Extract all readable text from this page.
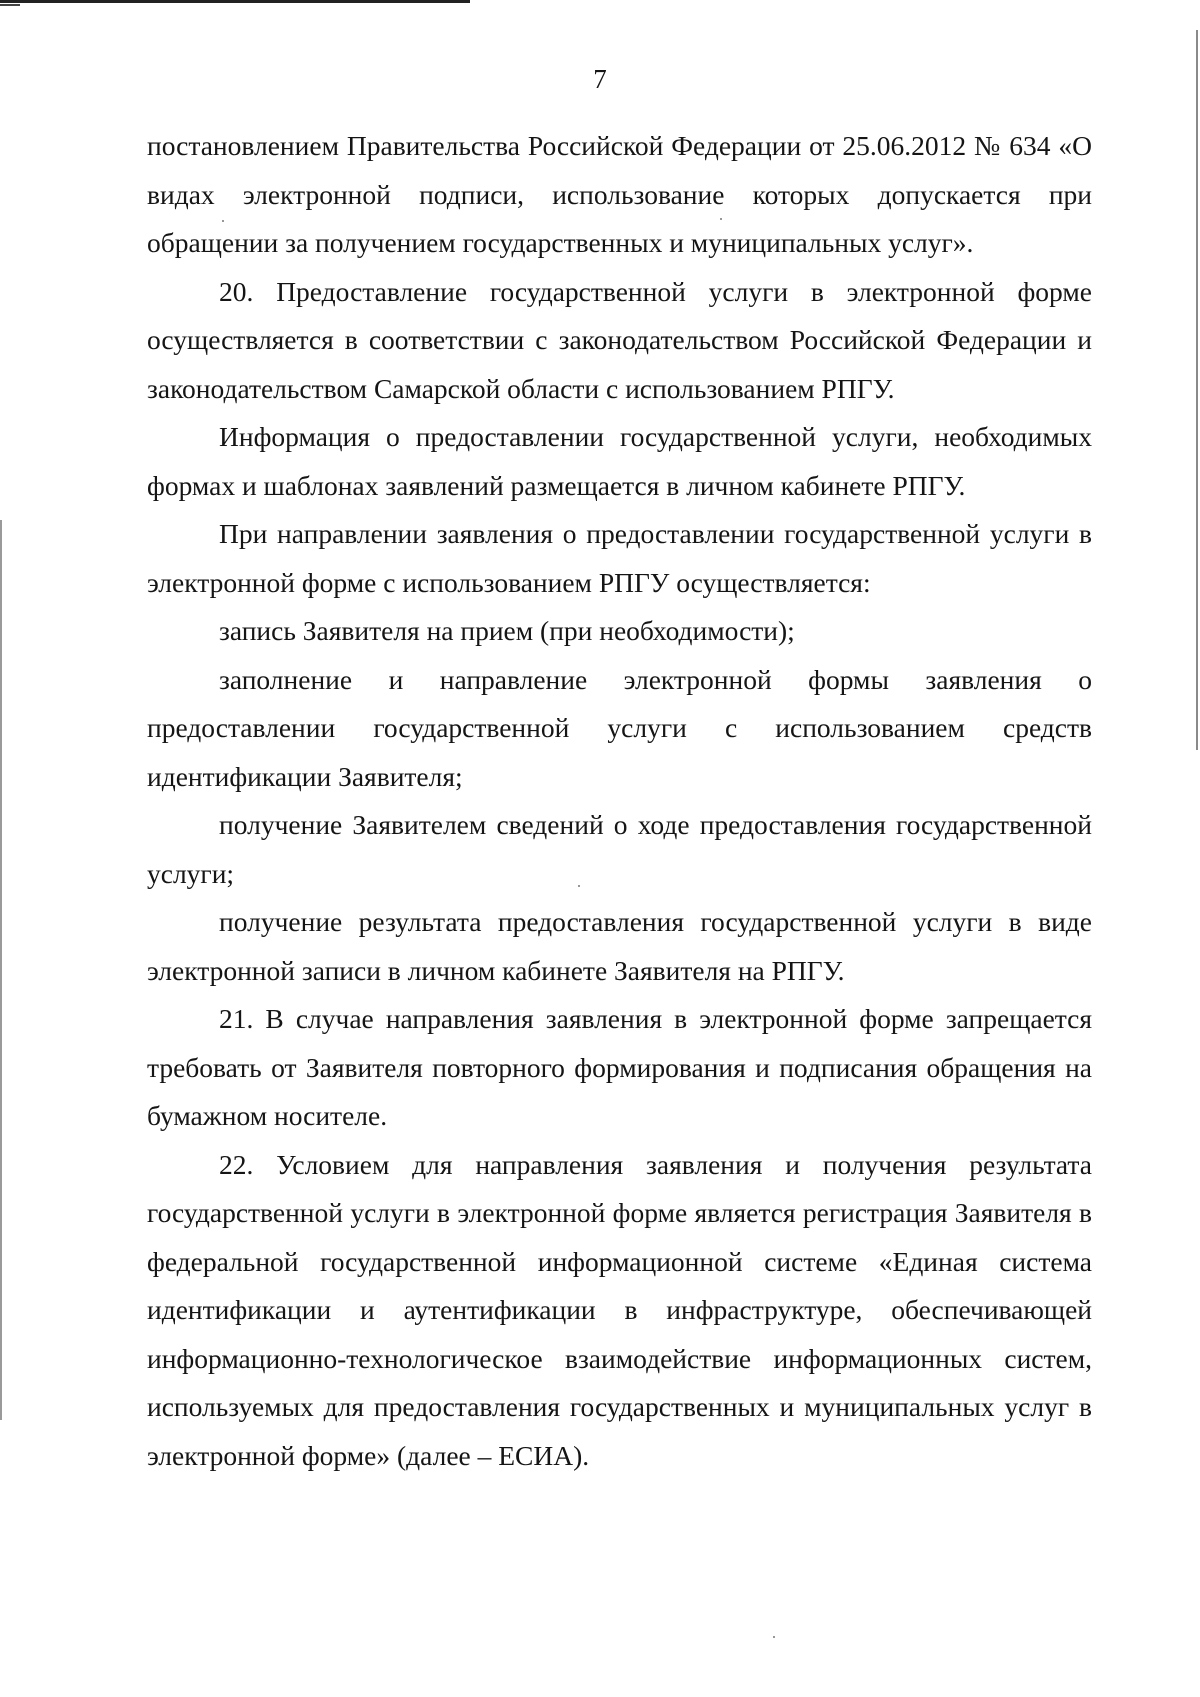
7

постановлением Правительства Российской Федерации от 25.06.2012 № 634 «О видах электронной подписи, использование которых допускается при обращении за получением государственных и муниципальных услуг».

20. Предоставление государственной услуги в электронной форме осуществляется в соответствии с законодательством Российской Федерации и законодательством Самарской области с использованием РПГУ.

Информация о предоставлении государственной услуги, необходимых формах и шаблонах заявлений размещается в личном кабинете РПГУ.

При направлении заявления о предоставлении государственной услуги в электронной форме с использованием РПГУ осуществляется:

запись Заявителя на прием (при необходимости);

заполнение и направление электронной формы заявления о предоставлении государственной услуги с использованием средств идентификации Заявителя;

получение Заявителем сведений о ходе предоставления государственной услуги;

получение результата предоставления государственной услуги в виде электронной записи в личном кабинете Заявителя на РПГУ.

21. В случае направления заявления в электронной форме запрещается требовать от Заявителя повторного формирования и подписания обращения на бумажном носителе.

22. Условием для направления заявления и получения результата государственной услуги в электронной форме является регистрация Заявителя в федеральной государственной информационной системе «Единая система идентификации и аутентификации в инфраструктуре, обеспечивающей информационно-технологическое взаимодействие информационных систем, используемых для предоставления государственных и муниципальных услуг в электронной форме» (далее – ЕСИА).
